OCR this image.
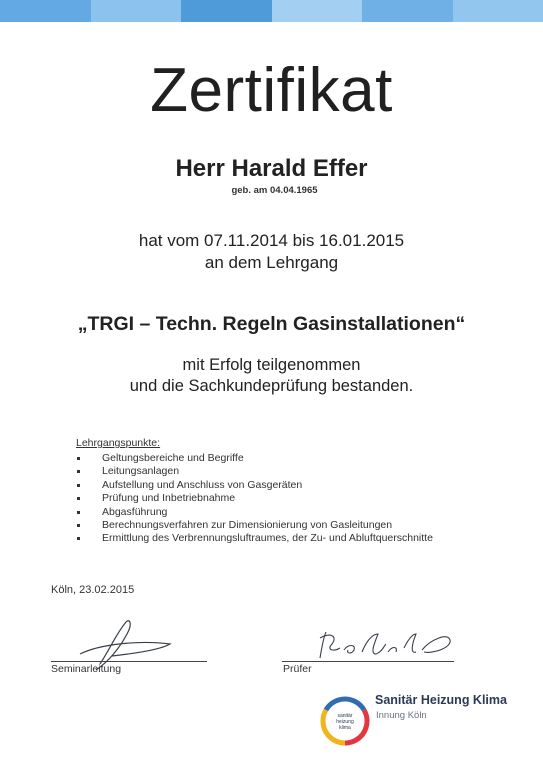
Zertifikat
Herr Harald Effer
geb. am 04.04.1965
hat vom 07.11.2014 bis 16.01.2015
an dem Lehrgang
„TRGI – Techn. Regeln Gasinstallationen“
mit Erfolg teilgenommen
und die Sachkundeprüfung bestanden.
Lehrgangspunkte:
Geltungsbereiche und Begriffe
Leitungsanlagen
Aufstellung und Anschluss von Gasgeräten
Prüfung und Inbetriebnahme
Abgasführung
Berechnungsverfahren zur Dimensionierung von Gasleitungen
Ermittlung des Verbrennungsluftraumes, der Zu- und Abluftquerschnitte
Köln, 23.02.2015
Seminarleitung	Prüfer
sanitär
heizung
klima
Sanitär Heizung Klima
Innung Köln
